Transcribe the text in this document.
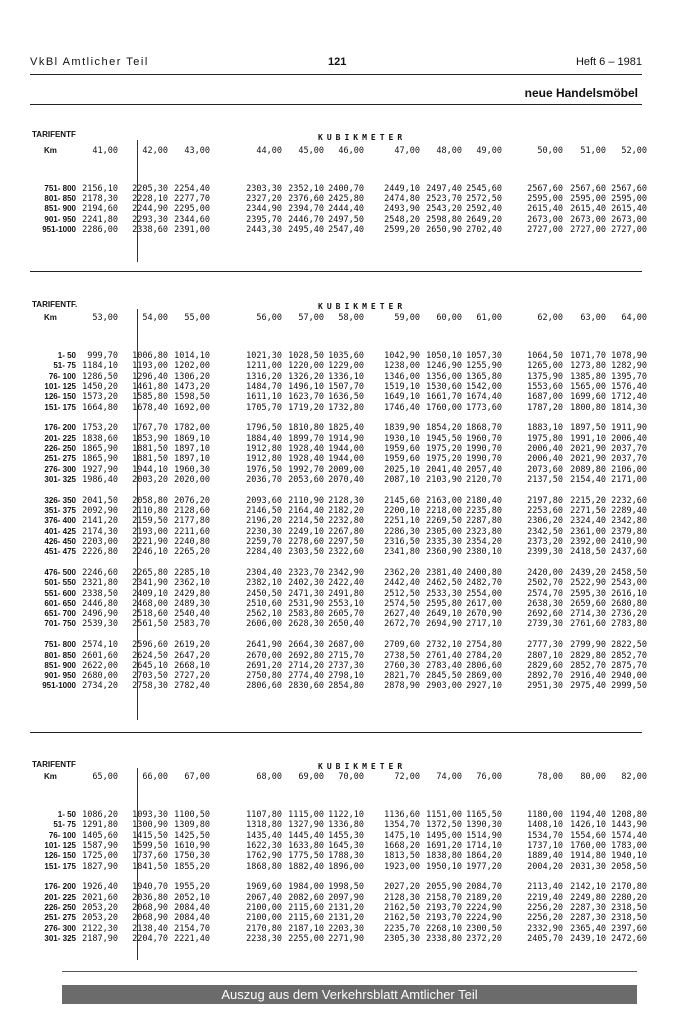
VkBl Amtlicher Teil	121	Heft 6 – 1981
neue Handelsmöbel
TARIFENTF
Km
KUBIKMETER
41,00	42,00	43,00	44,00	45,00	46,00	47,00	48,00	49,00	50,00	51,00	52,00
751- 800 2156,10	2205,30 2254,40	2303,30 2352,10 2400,70	2449,10 2497,40 2545,60	2567,60 2567,60 2567,60
801- 850 2178,30	2228,10 2277,70	2327,20 2376,60 2425,80	2474,80 2523,70 2572,50	2595,00 2595,00 2595,00
851- 900 2194,60	2244,90 2295,00	2344,90 2394,70 2444,40	2493,90 2543,20 2592,40	2615,40 2615,40 2615,40
901- 950 2241,80	2293,30 2344,60	2395,70 2446,70 2497,50	2548,20 2598,80 2649,20	2673,00 2673,00 2673,00
951-1000 2286,00	2338,60 2391,00	2443,30 2495,40 2547,40	2599,20 2650,90 2702,40	2727,00 2727,00 2727,00
TARIFENTF.
Km
KUBIKMETER
53,00	54,00	55,00	56,00	57,00	58,00	59,00	60,00	61,00	62,00	63,00	64,00
1- 50	999,70	1006,80 1014,10	1021,30 1028,50 1035,60	1042,90 1050,10 1057,30	1064,50 1071,70 1078,90
51- 75 1184,10	1193,00 1202,00	1211,00 1220,00 1229,00	1238,00 1246,90 1255,90	1265,00 1273,80 1282,90
76- 100 1286,50	1296,40 1306,20	1316,20 1326,20 1336,10	1346,00 1356,00 1365,80	1375,90 1385,80 1395,70
101- 125 1450,20	1461,80 1473,20	1484,70 1496,10 1507,70	1519,10 1530,60 1542,00	1553,60 1565,00 1576,40
126- 150 1573,20	1585,80 1598,50	1611,10 1623,70 1636,50	1649,10 1661,70 1674,40	1687,00 1699,60 1712,40
151- 175 1664,80	1678,40 1692,00	1705,70 1719,20 1732,80	1746,40 1760,00 1773,60	1787,20 1800,80 1814,30
176- 200 1753,20	1767,70 1782,00	1796,50 1810,80 1825,40	1839,90 1854,20 1868,70	1883,10 1897,50 1911,90
201- 225 1838,60	1853,90 1869,10	1884,40 1899,70 1914,90	1930,10 1945,50 1960,70	1975,80 1991,10 2006,40
226- 250 1865,90	1881,50 1897,10	1912,80 1928,40 1944,00	1959,60 1975,20 1990,70	2006,40 2021,90 2037,70
251- 275 1865,90	1881,50 1897,10	1912,80 1928,40 1944,00	1959,60 1975,20 1990,70	2006,40 2021,90 2037,70
276- 300 1927,90	1944,10 1960,30	1976,50 1992,70 2009,00	2025,10 2041,40 2057,40	2073,60 2089,80 2106,00
301- 325 1986,40	2003,20 2020,00	2036,70 2053,60 2070,40	2087,10 2103,90 2120,70	2137,50 2154,40 2171,00
326- 350 2041,50	2058,80 2076,20	2093,60 2110,90 2128,30	2145,60 2163,00 2180,40	2197,80 2215,20 2232,60
351- 375 2092,90	2110,80 2128,60	2146,50 2164,40 2182,20	2200,10 2218,00 2235,80	2253,60 2271,50 2289,40
376- 400 2141,20	2159,50 2177,80	2196,20 2214,50 2232,80	2251,10 2269,50 2287,80	2306,20 2324,40 2342,80
401- 425 2174,30	2193,00 2211,60	2230,30 2249,10 2267,80	2286,30 2305,00 2323,80	2342,50 2361,00 2379,80
426- 450 2203,00	2221,90 2240,80	2259,70 2278,60 2297,50	2316,50 2335,30 2354,20	2373,20 2392,00 2410,90
451- 475 2226,80	2246,10 2265,20	2284,40 2303,50 2322,60	2341,80 2360,90 2380,10	2399,30 2418,50 2437,60
476- 500 2246,60	2265,80 2285,10	2304,40 2323,70 2342,90	2362,20 2381,40 2400,80	2420,00 2439,20 2458,50
501- 550 2321,80	2341,90 2362,10	2382,10 2402,30 2422,40	2442,40 2462,50 2482,70	2502,70 2522,90 2543,00
551- 600 2338,50	2409,10 2429,80	2450,50 2471,30 2491,80	2512,50 2533,30 2554,00	2574,70 2595,30 2616,10
601- 650 2446,80	2468,00 2489,30	2510,60 2531,90 2553,10	2574,50 2595,80 2617,00	2638,30 2659,60 2680,80
651- 700 2496,90	2518,60 2540,40	2562,10 2583,80 2605,70	2627,40 2649,10 2670,90	2692,60 2714,30 2736,20
701- 750 2539,30	2561,50 2583,70	2606,00 2628,30 2650,40	2672,70 2694,90 2717,10	2739,30 2761,60 2783,80
751- 800 2574,10	2596,60 2619,20	2641,90 2664,30 2687,00	2709,60 2732,10 2754,80	2777,30 2799,90 2822,50
801- 850 2601,60	2624,50 2647,20	2670,00 2692,80 2715,70	2738,50 2761,40 2784,20	2807,10 2829,80 2852,70
851- 900 2622,00	2645,10 2668,10	2691,20 2714,20 2737,30	2760,30 2783,40 2806,60	2829,60 2852,70 2875,70
901- 950 2680,00	2703,50 2727,20	2750,80 2774,40 2798,10	2821,70 2845,50 2869,00	2892,70 2916,40 2940,00
951-1000 2734,20	2758,30 2782,40	2806,60 2830,60 2854,80	2878,90 2903,00 2927,10	2951,30 2975,40 2999,50
TARIFENTF
Km
KUBIKMETER
65,00	66,00	67,00	68,00	69,00	70,00	72,00	74,00	76,00	78,00	80,00	82,00
1- 50 1086,20	1093,30 1100,50	1107,80 1115,00 1122,10	1136,60 1151,00 1165,50	1180,00 1194,40 1208,80
51- 75 1291,80	1300,90 1309,80	1318,80 1327,90 1336,80	1354,70 1372,50 1390,30	1408,10 1426,10 1443,90
76- 100 1405,60	1415,50 1425,50	1435,40 1445,40 1455,30	1475,10 1495,00 1514,90	1534,70 1554,60 1574,40
101- 125 1587,90	1599,50 1610,90	1622,30 1633,80 1645,30	1668,20 1691,20 1714,10	1737,10 1760,00 1783,00
126- 150 1725,00	1737,60 1750,30	1762,90 1775,50 1788,30	1813,50 1838,80 1864,20	1889,40 1914,80 1940,10
151- 175 1827,90	1841,50 1855,20	1868,80 1882,40 1896,00	1923,00 1950,10 1977,20	2004,20 2031,30 2058,50
176- 200 1926,40	1940,70 1955,20	1969,60 1984,00 1998,50	2027,20 2055,90 2084,70	2113,40 2142,10 2170,80
201- 225 2021,60	2036,80 2052,10	2067,40 2082,60 2097,90	2128,30 2158,70 2189,20	2219,40 2249,80 2280,20
226- 250 2053,20	2068,90 2084,40	2100,00 2115,60 2131,20	2162,50 2193,70 2224,90	2256,20 2287,30 2318,50
251- 275 2053,20	2068,90 2084,40	2100,00 2115,60 2131,20	2162,50 2193,70 2224,90	2256,20 2287,30 2318,50
276- 300 2122,30	2138,40 2154,70	2170,80 2187,10 2203,30	2235,70 2268,10 2300,50	2332,90 2365,40 2397,60
301- 325 2187,90	2204,70 2221,40	2238,30 2255,00 2271,90	2305,30 2338,80 2372,20	2405,70 2439,10 2472,60
Auszug aus dem Verkehrsblatt Amtlicher Teil
